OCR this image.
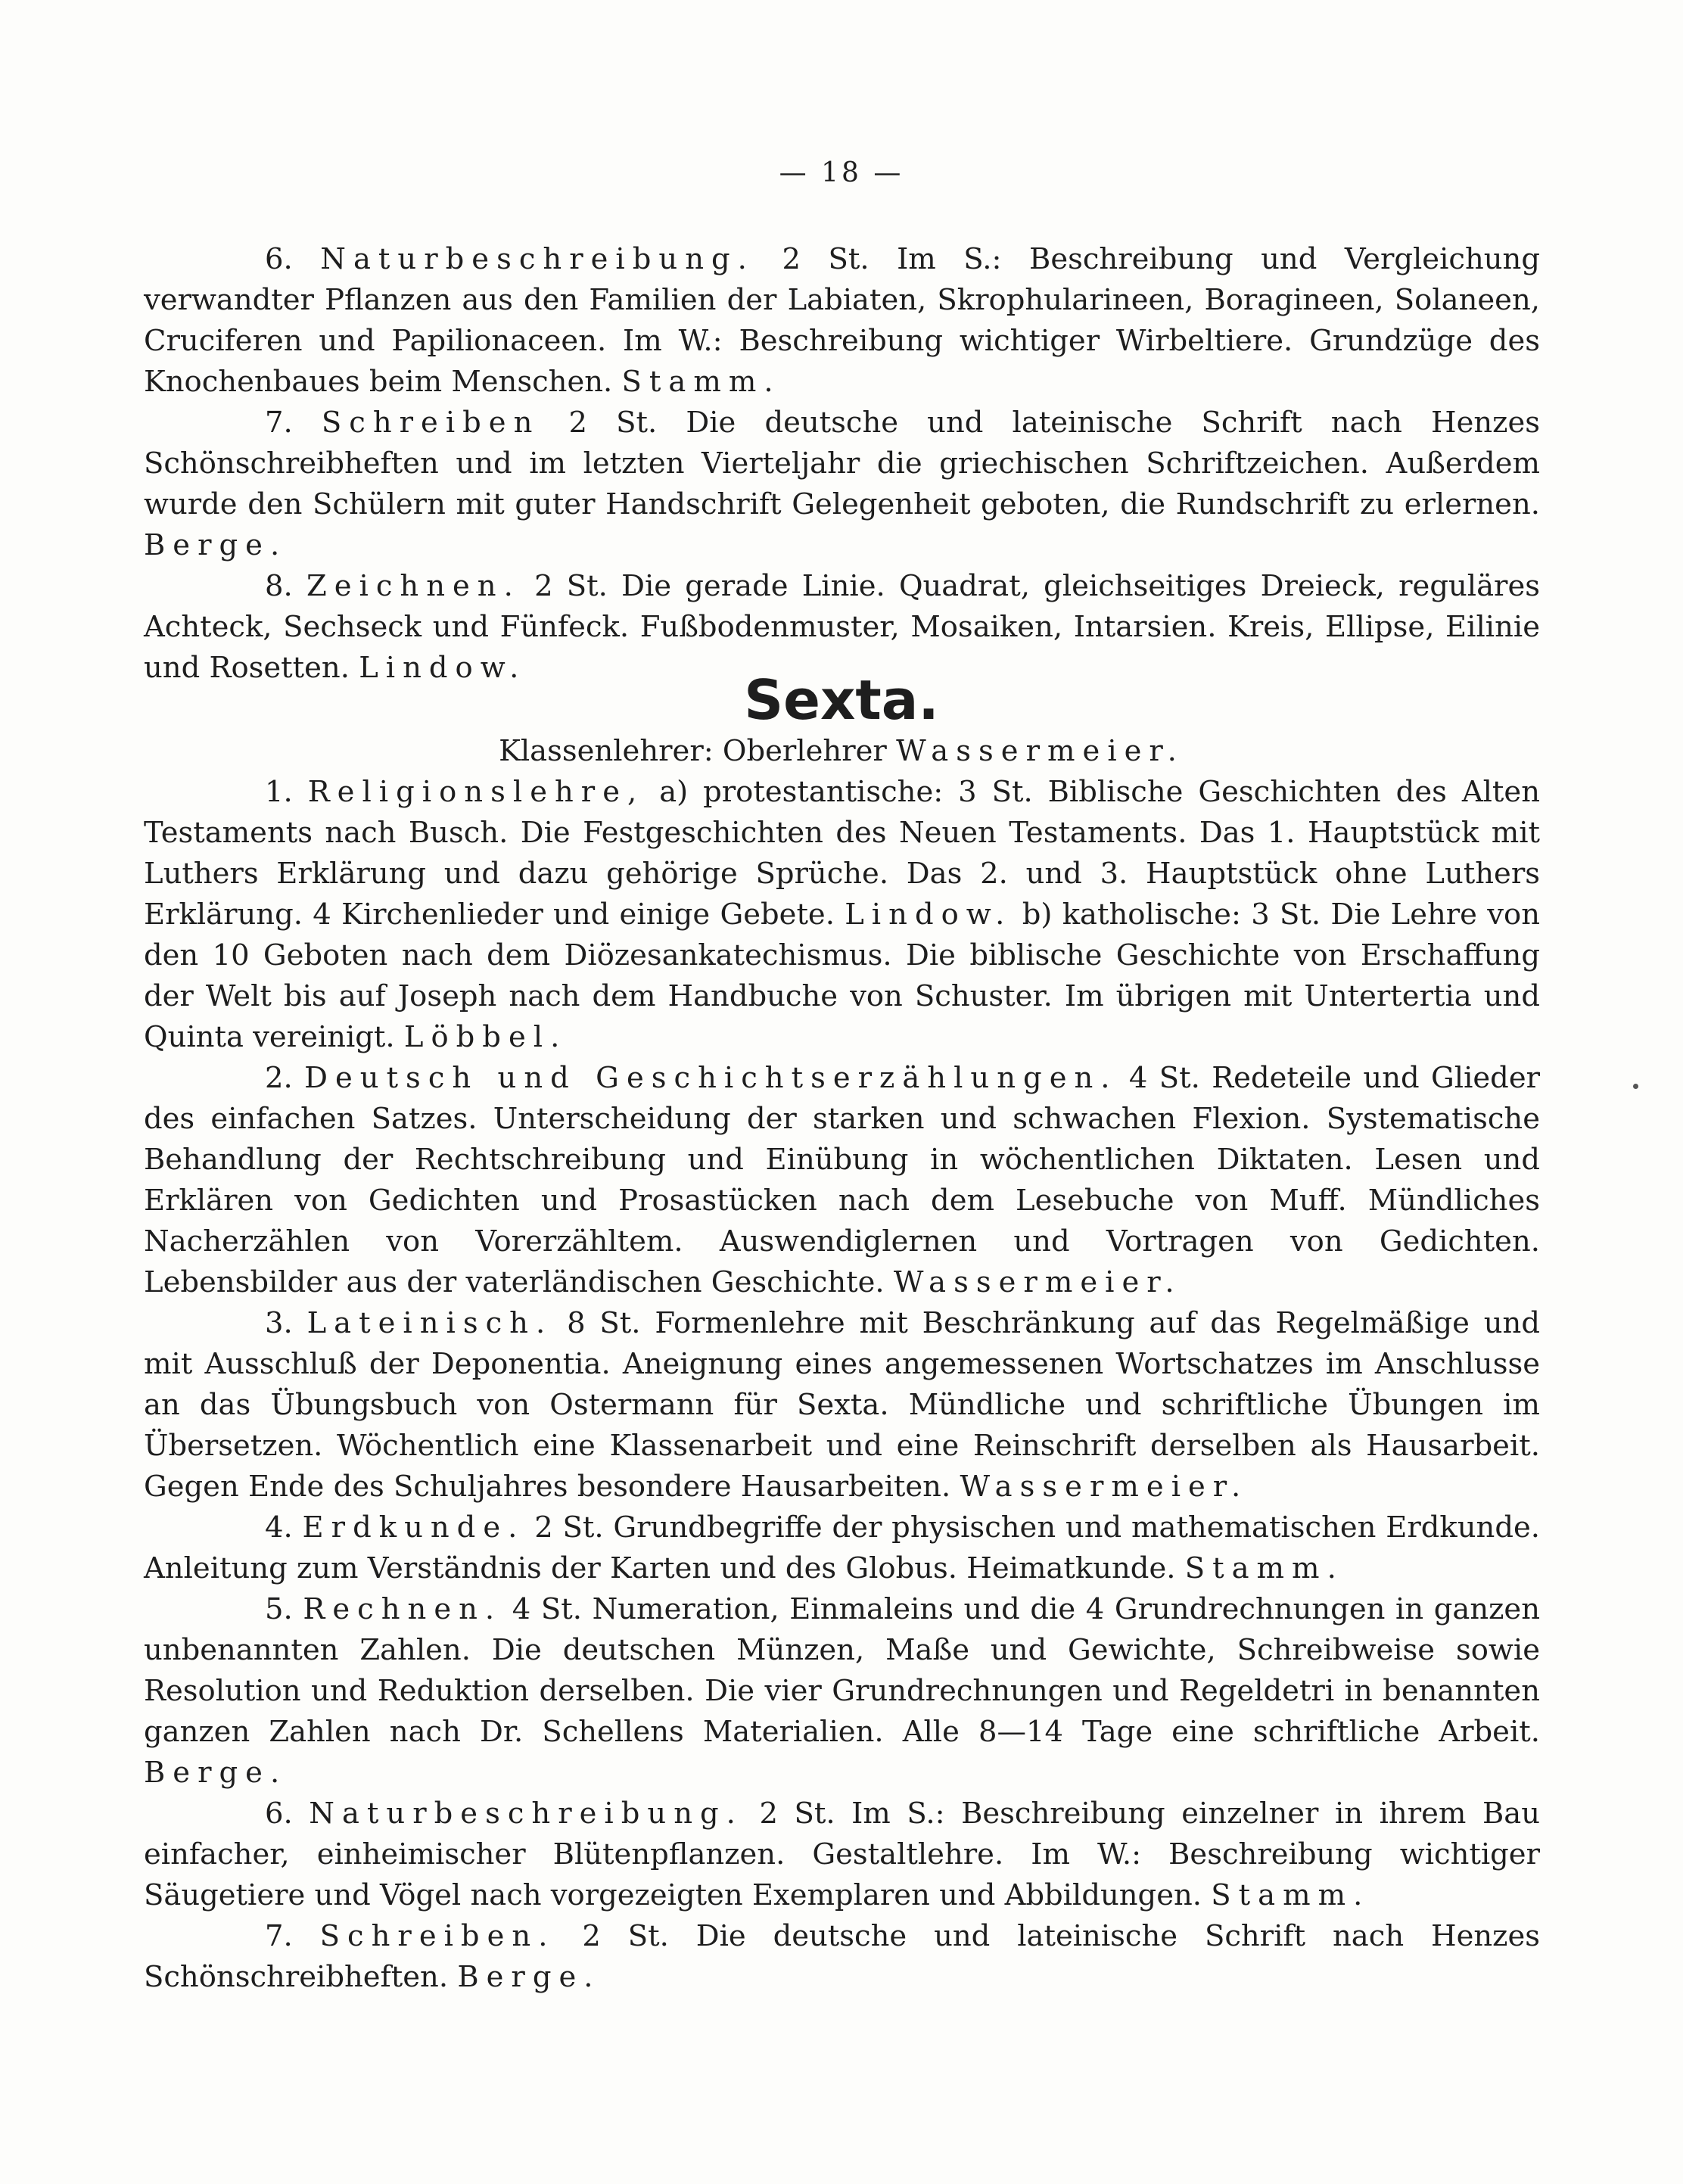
— 18 —

6. Naturbeschreibung. 2 St. Im S.: Beschreibung und Vergleichung verwandter Pflanzen aus den Familien der Labiaten, Skrophularineen, Boragineen, Solaneen, Cruciferen und Papilionaceen. Im W.: Beschreibung wichtiger Wirbeltiere. Grundzüge des Knochenbaues beim Menschen. Stamm.

7. Schreiben 2 St. Die deutsche und lateinische Schrift nach Henzes Schönschreibheften und im letzten Vierteljahr die griechischen Schriftzeichen. Außerdem wurde den Schülern mit guter Handschrift Gelegenheit geboten, die Rundschrift zu erlernen. Berge.

8. Zeichnen. 2 St. Die gerade Linie. Quadrat, gleichseitiges Dreieck, reguläres Achteck, Sechseck und Fünfeck. Fußbodenmuster, Mosaiken, Intarsien. Kreis, Ellipse, Eilinie und Rosetten. Lindow.

Sexta.
Klassenlehrer: Oberlehrer Wassermeier.

1. Religionslehre, a) protestantische: 3 St. Biblische Geschichten des Alten Testaments nach Busch. Die Festgeschichten des Neuen Testaments. Das 1. Hauptstück mit Luthers Erklärung und dazu gehörige Sprüche. Das 2. und 3. Hauptstück ohne Luthers Erklärung. 4 Kirchenlieder und einige Gebete. Lindow. b) katholische: 3 St. Die Lehre von den 10 Geboten nach dem Diözesankatechismus. Die biblische Geschichte von Erschaffung der Welt bis auf Joseph nach dem Handbuche von Schuster. Im übrigen mit Untertertia und Quinta vereinigt. Löbbel.

2. Deutsch und Geschichtserzählungen. 4 St. Redeteile und Glieder des einfachen Satzes. Unterscheidung der starken und schwachen Flexion. Systematische Behandlung der Rechtschreibung und Einübung in wöchentlichen Diktaten. Lesen und Erklären von Gedichten und Prosastücken nach dem Lesebuche von Muff. Mündliches Nacherzählen von Vorerzähltem. Auswendiglernen und Vortragen von Gedichten. Lebensbilder aus der vaterländischen Geschichte. Wassermeier.

3. Lateinisch. 8 St. Formenlehre mit Beschränkung auf das Regelmäßige und mit Ausschluß der Deponentia. Aneignung eines angemessenen Wortschatzes im Anschlusse an das Übungsbuch von Ostermann für Sexta. Mündliche und schriftliche Übungen im Übersetzen. Wöchentlich eine Klassenarbeit und eine Reinschrift derselben als Hausarbeit. Gegen Ende des Schuljahres besondere Hausarbeiten. Wassermeier.

4. Erdkunde. 2 St. Grundbegriffe der physischen und mathematischen Erdkunde. Anleitung zum Verständnis der Karten und des Globus. Heimatkunde. Stamm.

5. Rechnen. 4 St. Numeration, Einmaleins und die 4 Grundrechnungen in ganzen unbenannten Zahlen. Die deutschen Münzen, Maße und Gewichte, Schreibweise sowie Resolution und Reduktion derselben. Die vier Grundrechnungen und Regeldetri in benannten ganzen Zahlen nach Dr. Schellens Materialien. Alle 8—14 Tage eine schriftliche Arbeit. Berge.

6. Naturbeschreibung. 2 St. Im S.: Beschreibung einzelner in ihrem Bau einfacher, einheimischer Blütenpflanzen. Gestaltlehre. Im W.: Beschreibung wichtiger Säugetiere und Vögel nach vorgezeigten Exemplaren und Abbildungen. Stamm.

7. Schreiben. 2 St. Die deutsche und lateinische Schrift nach Henzes Schönschreibheften. Berge.
